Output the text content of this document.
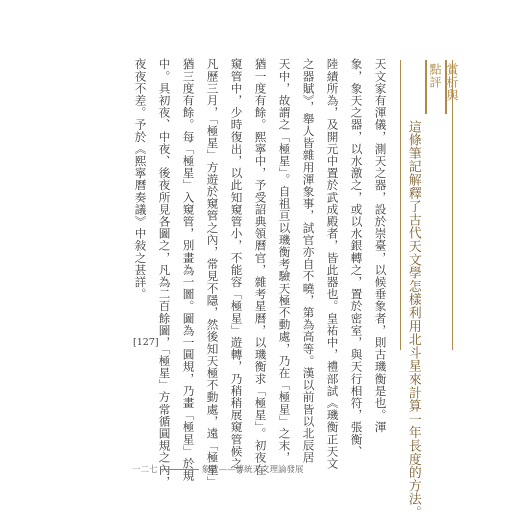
賞析與點評
這條筆記解釋了古代天文學怎樣利用北斗星來計算一年長度的方法。
天文家有渾儀，測天之器，設於崇臺，以候垂象者，則古璣衡是也。渾
象，象天之器，以水激之，或以水銀轉之，置於密室，與天行相符，張衡、
陸績所為，及開元中置於武成殿者，皆此器也。皇祐中，禮部試《璣衡正天文
之器賦》，舉人皆雜用渾象事，試官亦自不曉，第為高等。漢以前皆以北辰居
天中，故謂之「極星」。自祖亘以璣衡考驗天極不動處，乃在「極星」之末，
猶一度有餘。熙寧中，予受詔典領曆官，雜考星曆，以璣衡求「極星」。初夜在
窺管中，少時復出，以此知窺管小，不能容「極星」遊轉，乃稍稍展窺管候之。
凡歷三月，「極星」方遊於窺管之內，常見不隱，然後知天極不動處，遠「極星」
猶三度有餘。每「極星」入窺管，別畫為一圖。圖為一圓規，乃畫「極星」於規
中。具初夜、中夜、後夜所見各圖之，凡為二百餘圖，「極星」方常循圓規之內，
夜夜不差。予於《熙寧曆奏議》中敍之甚詳。
[127]
一二七	象數——傳統天文理論發展
